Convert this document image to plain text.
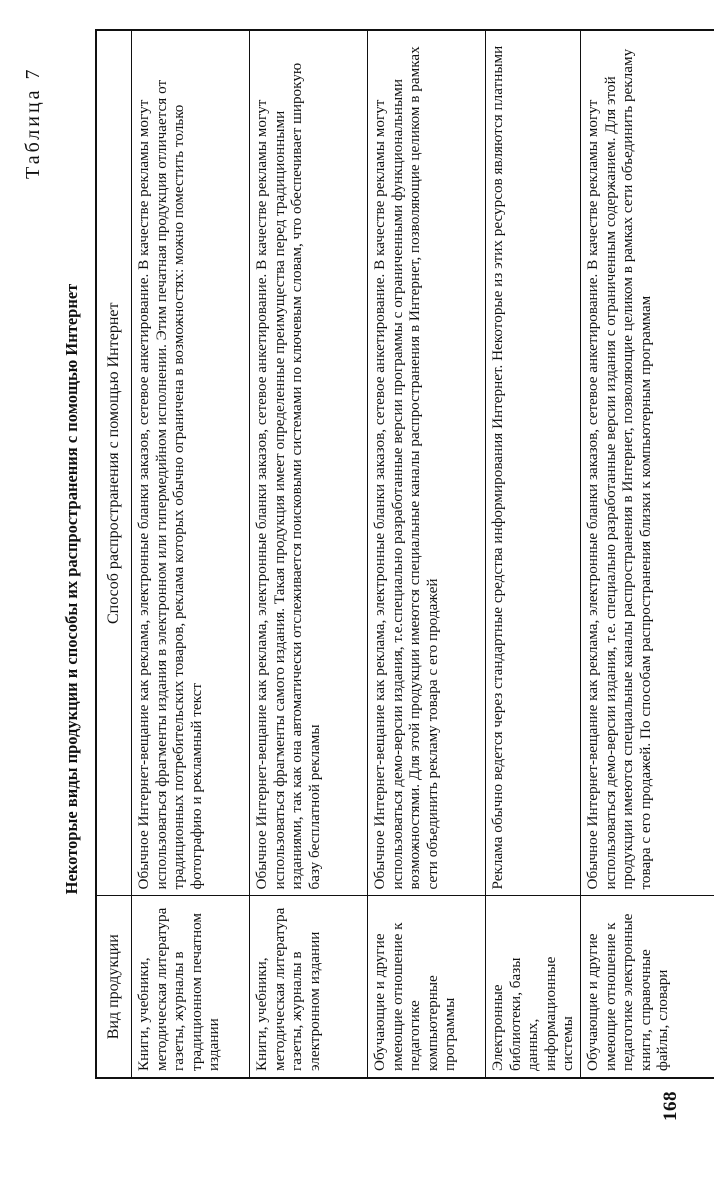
168
Таблица 7
Некоторые виды продукции и способы их распространения с помощью Интернет
Вид продукции	Способ распространения с помощью Интернет
Книги, учебники, методическая литература газеты, журналы в традиционном печатном издании	Обычное Интернет-вещание как реклама, электронные бланки заказов, сетевое анкетирование. В качестве рекламы могут использоваться фрагменты издания в электронном или гипермедийном исполнении. Этим печатная продукция отличается от традиционных потребительских товаров, реклама которых обычно ограничена в возможностях: можно поместить только фотографию и рекламный текст
Книги, учебники, методическая литература газеты, журналы в электронном издании	Обычное Интернет-вещание как реклама, электронные бланки заказов, сетевое анкетирование. В качестве рекламы могут использоваться фрагменты самого издания. Такая продукция имеет определенные преимущества перед традиционными изданиями, так как она автоматически отслеживается поисковыми системами по ключевым словам, что обеспечивает широкую базу бесплатной рекламы
Обучающие и другие имеющие отношение к педагогике компьютерные программы	Обычное Интернет-вещание как реклама, электронные бланки заказов, сетевое анкетирование. В качестве рекламы могут использоваться демо-версии издания, т.е.специально разработанные версии программы с ограниченными функциональными возможностями. Для этой продукции имеются специальные каналы распространения в Интернет, позволяющие целиком в рамках сети объединить рекламу товара с его продажей
Электронные библиотеки, базы данных, информационные системы	Реклама обычно ведется через стандартные средства информирования Интернет. Некоторые из этих ресурсов являются платными
Обучающие и другие имеющие отношение к педагогике электронные книги, справочные файлы, словари	Обычное Интернет-вещание как реклама, электронные бланки заказов, сетевое анкетирование. В качестве рекламы могут использоваться демо-версии издания, т.е. специально разработанные версии издания с ограниченным содержанием. Для этой продукции имеются специальные каналы распространения в Интернет, позволяющие целиком в рамках сети объединить рекламу товара с его продажей. По способам распространения близки к компьютерным программам
